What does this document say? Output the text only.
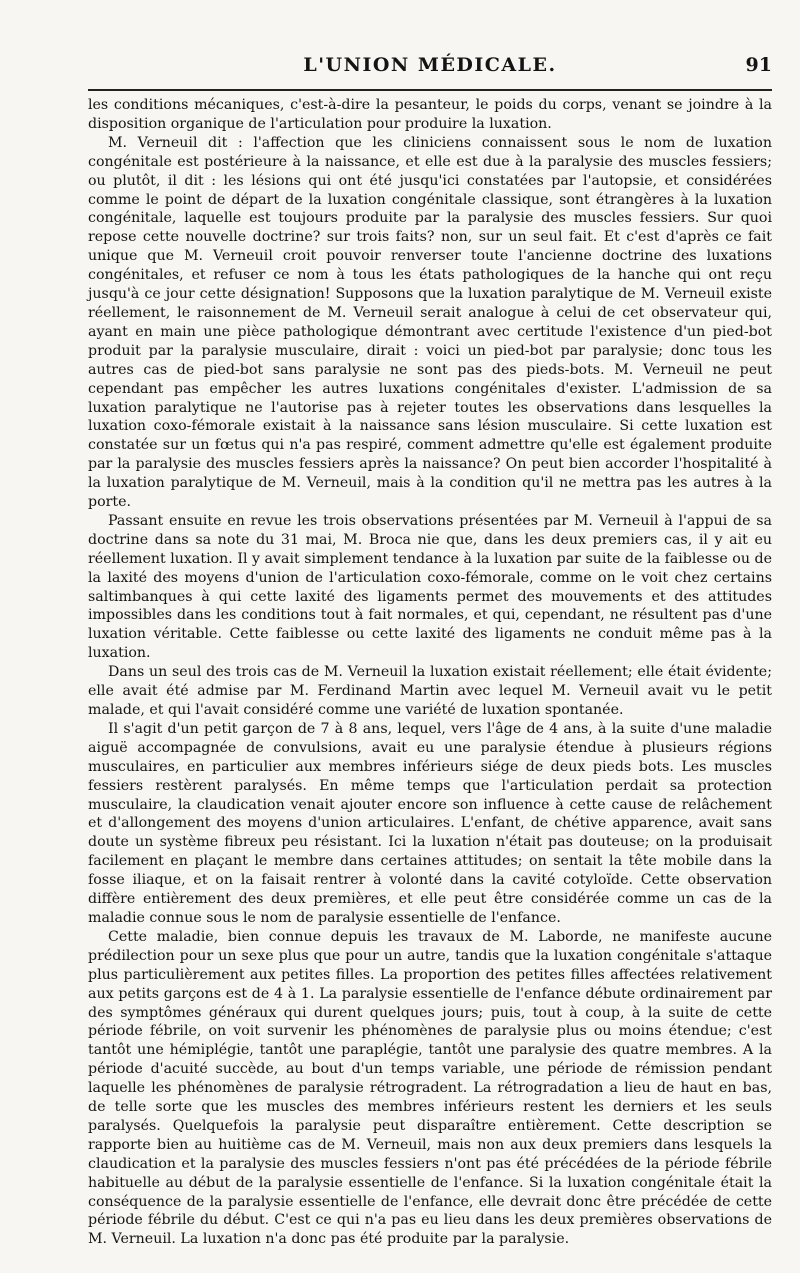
L'UNION MÉDICALE.	91

les conditions mécaniques, c'est-à-dire la pesanteur, le poids du corps, venant se joindre à la disposition organique de l'articulation pour produire la luxation.

M. Verneuil dit : l'affection que les cliniciens connaissent sous le nom de luxation congénitale est postérieure à la naissance, et elle est due à la paralysie des muscles fessiers; ou plutôt, il dit : les lésions qui ont été jusqu'ici constatées par l'autopsie, et considérées comme le point de départ de la luxation congénitale classique, sont étrangères à la luxation congénitale, laquelle est toujours produite par la paralysie des muscles fessiers. Sur quoi repose cette nouvelle doctrine? sur trois faits? non, sur un seul fait. Et c'est d'après ce fait unique que M. Verneuil croit pouvoir renverser toute l'ancienne doctrine des luxations congénitales, et refuser ce nom à tous les états pathologiques de la hanche qui ont reçu jusqu'à ce jour cette désignation! Supposons que la luxation paralytique de M. Verneuil existe réellement, le raisonnement de M. Verneuil serait analogue à celui de cet observateur qui, ayant en main une pièce pathologique démontrant avec certitude l'existence d'un pied-bot produit par la paralysie musculaire, dirait : voici un pied-bot par paralysie; donc tous les autres cas de pied-bot sans paralysie ne sont pas des pieds-bots. M. Verneuil ne peut cependant pas empêcher les autres luxations congénitales d'exister. L'admission de sa luxation paralytique ne l'autorise pas à rejeter toutes les observations dans lesquelles la luxation coxo-fémorale existait à la naissance sans lésion musculaire. Si cette luxation est constatée sur un fœtus qui n'a pas respiré, comment admettre qu'elle est également produite par la paralysie des muscles fessiers après la naissance? On peut bien accorder l'hospitalité à la luxation paralytique de M. Verneuil, mais à la condition qu'il ne mettra pas les autres à la porte.

Passant ensuite en revue les trois observations présentées par M. Verneuil à l'appui de sa doctrine dans sa note du 31 mai, M. Broca nie que, dans les deux premiers cas, il y ait eu réellement luxation. Il y avait simplement tendance à la luxation par suite de la faiblesse ou de la laxité des moyens d'union de l'articulation coxo-fémorale, comme on le voit chez certains saltimbanques à qui cette laxité des ligaments permet des mouvements et des attitudes impossibles dans les conditions tout à fait normales, et qui, cependant, ne résultent pas d'une luxation véritable. Cette faiblesse ou cette laxité des ligaments ne conduit même pas à la luxation.

Dans un seul des trois cas de M. Verneuil la luxation existait réellement; elle était évidente; elle avait été admise par M. Ferdinand Martin avec lequel M. Verneuil avait vu le petit malade, et qui l'avait considéré comme une variété de luxation spontanée.

Il s'agit d'un petit garçon de 7 à 8 ans, lequel, vers l'âge de 4 ans, à la suite d'une maladie aiguë accompagnée de convulsions, avait eu une paralysie étendue à plusieurs régions musculaires, en particulier aux membres inférieurs siége de deux pieds bots. Les muscles fessiers restèrent paralysés. En même temps que l'articulation perdait sa protection musculaire, la claudication venait ajouter encore son influence à cette cause de relâchement et d'allongement des moyens d'union articulaires. L'enfant, de chétive apparence, avait sans doute un système fibreux peu résistant. Ici la luxation n'était pas douteuse; on la produisait facilement en plaçant le membre dans certaines attitudes; on sentait la tête mobile dans la fosse iliaque, et on la faisait rentrer à volonté dans la cavité cotyloïde. Cette observation diffère entièrement des deux premières, et elle peut être considérée comme un cas de la maladie connue sous le nom de paralysie essentielle de l'enfance.

Cette maladie, bien connue depuis les travaux de M. Laborde, ne manifeste aucune prédilection pour un sexe plus que pour un autre, tandis que la luxation congénitale s'attaque plus particulièrement aux petites filles. La proportion des petites filles affectées relativement aux petits garçons est de 4 à 1. La paralysie essentielle de l'enfance débute ordinairement par des symptômes généraux qui durent quelques jours; puis, tout à coup, à la suite de cette période fébrile, on voit survenir les phénomènes de paralysie plus ou moins étendue; c'est tantôt une hémiplégie, tantôt une paraplégie, tantôt une paralysie des quatre membres. A la période d'acuité succède, au bout d'un temps variable, une période de rémission pendant laquelle les phénomènes de paralysie rétrogradent. La rétrogradation a lieu de haut en bas, de telle sorte que les muscles des membres inférieurs restent les derniers et les seuls paralysés. Quelquefois la paralysie peut disparaître entièrement. Cette description se rapporte bien au huitième cas de M. Verneuil, mais non aux deux premiers dans lesquels la claudication et la paralysie des muscles fessiers n'ont pas été précédées de la période fébrile habituelle au début de la paralysie essentielle de l'enfance. Si la luxation congénitale était la conséquence de la paralysie essentielle de l'enfance, elle devrait donc être précédée de cette période fébrile du début. C'est ce qui n'a pas eu lieu dans les deux premières observations de M. Verneuil. La luxation n'a donc pas été produite par la paralysie.
